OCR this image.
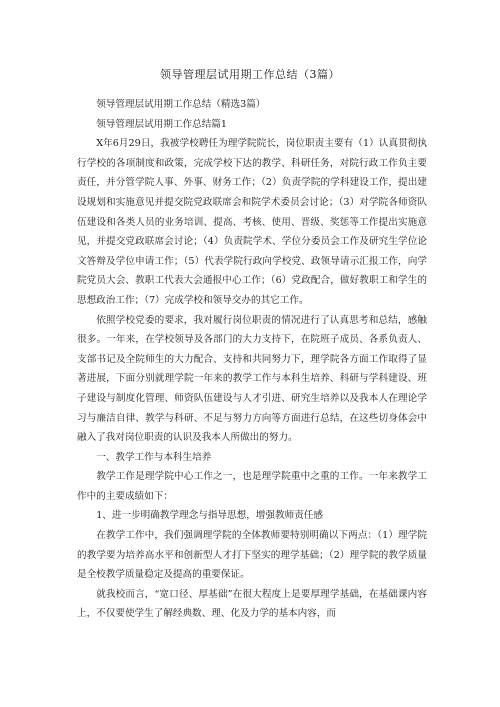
领导管理层试用期工作总结（3篇）

领导管理层试用期工作总结（精选3篇）

领导管理层试用期工作总结篇1

X年6月29日，我被学校聘任为理学院院长，岗位职责主要有（1）认真贯彻执行学校的各项制度和政策，完成学校下达的教学、科研任务，对院行政工作负主要责任，并分管学院人事、外事、财务工作；（2）负责学院的学科建设工作，提出建设规划和实施意见并提交院党政联席会和院学术委员会讨论；（3）对学院各师资队伍建设和各类人员的业务培训、提高、考核、使用、晋级、奖惩等工作提出实施意见，并提交党政联席会讨论；（4）负责院学术、学位分委员会工作及研究生学位论文答辩及学位申请工作；（5）代表学院行政向学校党、政领导请示汇报工作，向学院党员大会、教职工代表大会通报中心工作；（6）党政配合，做好教职工和学生的思想政治工作；（7）完成学校和领导交办的其它工作。

依照学校党委的要求，我对履行岗位职责的情况进行了认真思考和总结，感触很多。一年来，在学校领导及各部门的大力支持下，在院班子成员、各系负责人、支部书记及全院师生的大力配合、支持和共同努力下，理学院各方面工作取得了显著进展，下面分别就理学院一年来的教学工作与本科生培养、科研与学科建设、班子建设与制度化管理、师资队伍建设与人才引进、研究生培养以及我本人在理论学习与廉洁自律、教学与科研、不足与努力方向等方面进行总结，在这些切身体会中融入了我对岗位职责的认识及我本人所做出的努力。

一、教学工作与本科生培养

教学工作是理学院中心工作之一，也是理学院重中之重的工作。一年来教学工作中的主要成绩如下：

1、进一步明确教学理念与指导思想，增强教师责任感

在教学工作中，我们强调理学院的全体教师要特别明确以下两点：（1）理学院的教学要为培养高水平和创新型人才打下坚实的理学基础；（2）理学院的教学质量是全校教学质量稳定及提高的重要保证。

就我校而言，“宽口径、厚基础”在很大程度上是要厚理学基础，在基础课内容上，不仅要使学生了解经典数、理、化及力学的基本内容，而
